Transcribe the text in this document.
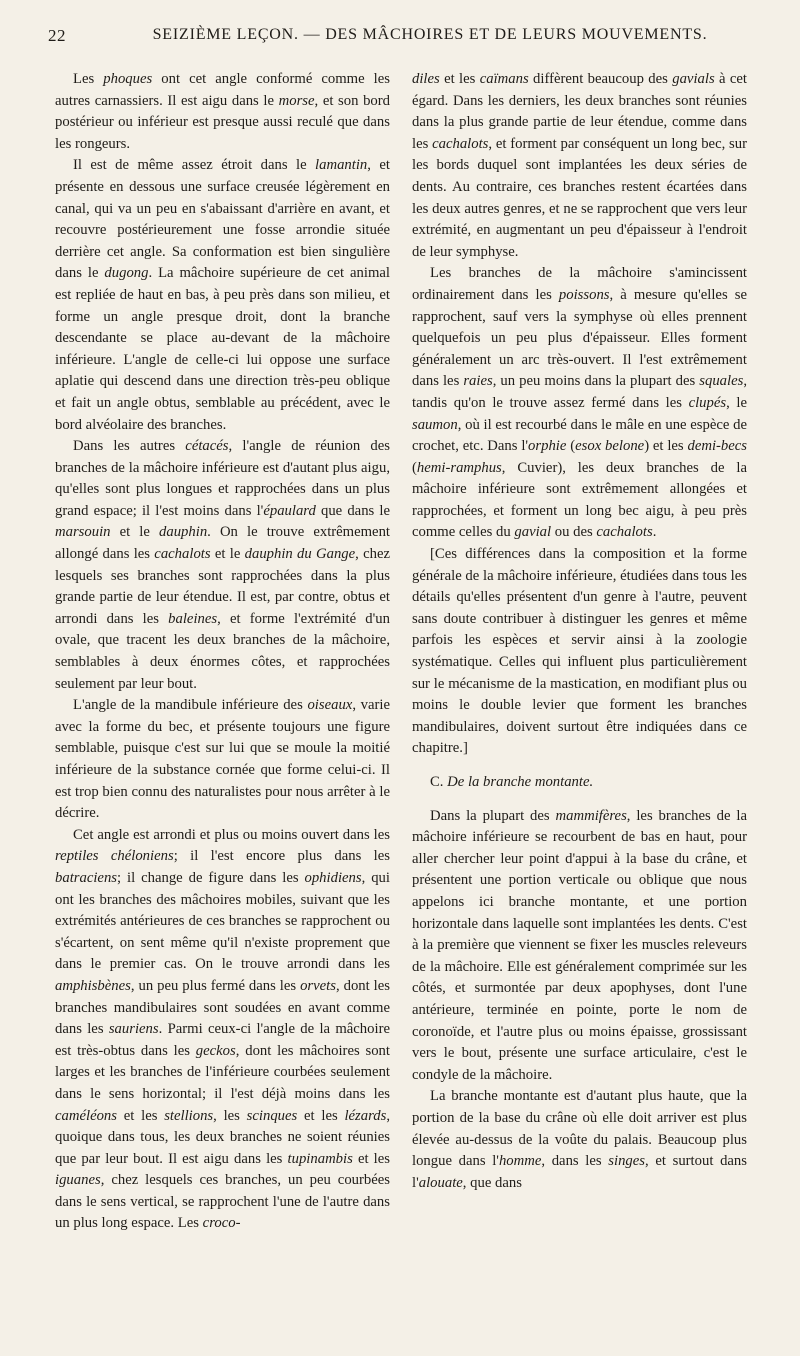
22	SEIZIÈME LEÇON. — DES MÂCHOIRES ET DE LEURS MOUVEMENTS.

Les phoques ont cet angle conformé comme les autres carnassiers. Il est aigu dans le morse, et son bord postérieur ou inférieur est presque aussi reculé que dans les rongeurs.

Il est de même assez étroit dans le lamantin, et présente en dessous une surface creusée légèrement en canal, qui va un peu en s'abaissant d'arrière en avant, et recouvre postérieurement une fosse arrondie située derrière cet angle. Sa conformation est bien singulière dans le dugong. La mâchoire supérieure de cet animal est repliée de haut en bas, à peu près dans son milieu, et forme un angle presque droit, dont la branche descendante se place au-devant de la mâchoire inférieure. L'angle de celle-ci lui oppose une surface aplatie qui descend dans une direction très-peu oblique et fait un angle obtus, semblable au précédent, avec le bord alvéolaire des branches.

Dans les autres cétacés, l'angle de réunion des branches de la mâchoire inférieure est d'autant plus aigu, qu'elles sont plus longues et rapprochées dans un plus grand espace; il l'est moins dans l'épaulard que dans le marsouin et le dauphin. On le trouve extrêmement allongé dans les cachalots et le dauphin du Gange, chez lesquels ses branches sont rapprochées dans la plus grande partie de leur étendue. Il est, par contre, obtus et arrondi dans les baleines, et forme l'extrémité d'un ovale, que tracent les deux branches de la mâchoire, semblables à deux énormes côtes, et rapprochées seulement par leur bout.

L'angle de la mandibule inférieure des oiseaux, varie avec la forme du bec, et présente toujours une figure semblable, puisque c'est sur lui que se moule la moitié inférieure de la substance cornée que forme celui-ci. Il est trop bien connu des naturalistes pour nous arrêter à le décrire.

Cet angle est arrondi et plus ou moins ouvert dans les reptiles chéloniens; il l'est encore plus dans les batraciens; il change de figure dans les ophidiens, qui ont les branches des mâchoires mobiles, suivant que les extrémités antérieures de ces branches se rapprochent ou s'écartent, on sent même qu'il n'existe proprement que dans le premier cas. On le trouve arrondi dans les amphisbènes, un peu plus fermé dans les orvets, dont les branches mandibulaires sont soudées en avant comme dans les sauriens. Parmi ceux-ci l'angle de la mâchoire est très-obtus dans les geckos, dont les mâchoires sont larges et les branches de l'inférieure courbées seulement dans le sens horizontal; il l'est déjà moins dans les caméléons et les stellions, les scinques et les lézards, quoique dans tous, les deux branches ne soient réunies que par leur bout. Il est aigu dans les tupinambis et les iguanes, chez lesquels ces branches, un peu courbées dans le sens vertical, se rapprochent l'une de l'autre dans un plus long espace. Les croco-

diles et les caïmans diffèrent beaucoup des gavials à cet égard. Dans les derniers, les deux branches sont réunies dans la plus grande partie de leur étendue, comme dans les cachalots, et forment par conséquent un long bec, sur les bords duquel sont implantées les deux séries de dents. Au contraire, ces branches restent écartées dans les deux autres genres, et ne se rapprochent que vers leur extrémité, en augmentant un peu d'épaisseur à l'endroit de leur symphyse.

Les branches de la mâchoire s'amincissent ordinairement dans les poissons, à mesure qu'elles se rapprochent, sauf vers la symphyse où elles prennent quelquefois un peu plus d'épaisseur. Elles forment généralement un arc très-ouvert. Il l'est extrêmement dans les raies, un peu moins dans la plupart des squales, tandis qu'on le trouve assez fermé dans les clupés, le saumon, où il est recourbé dans le mâle en une espèce de crochet, etc. Dans l'orphie (esox belone) et les demi-becs (hemi-ramphus, Cuvier), les deux branches de la mâchoire inférieure sont extrêmement allongées et rapprochées, et forment un long bec aigu, à peu près comme celles du gavial ou des cachalots.

[Ces différences dans la composition et la forme générale de la mâchoire inférieure, étudiées dans tous les détails qu'elles présentent d'un genre à l'autre, peuvent sans doute contribuer à distinguer les genres et même parfois les espèces et servir ainsi à la zoologie systématique. Celles qui influent plus particulièrement sur le mécanisme de la mastication, en modifiant plus ou moins le double levier que forment les branches mandibulaires, doivent surtout être indiquées dans ce chapitre.]

C. De la branche montante.

Dans la plupart des mammifères, les branches de la mâchoire inférieure se recourbent de bas en haut, pour aller chercher leur point d'appui à la base du crâne, et présentent une portion verticale ou oblique que nous appelons ici branche montante, et une portion horizontale dans laquelle sont implantées les dents. C'est à la première que viennent se fixer les muscles releveurs de la mâchoire. Elle est généralement comprimée sur les côtés, et surmontée par deux apophyses, dont l'une antérieure, terminée en pointe, porte le nom de coronoïde, et l'autre plus ou moins épaisse, grossissant vers le bout, présente une surface articulaire, c'est le condyle de la mâchoire.

La branche montante est d'autant plus haute, que la portion de la base du crâne où elle doit arriver est plus élevée au-dessus de la voûte du palais. Beaucoup plus longue dans l'homme, dans les singes, et surtout dans l'alouate, que dans
